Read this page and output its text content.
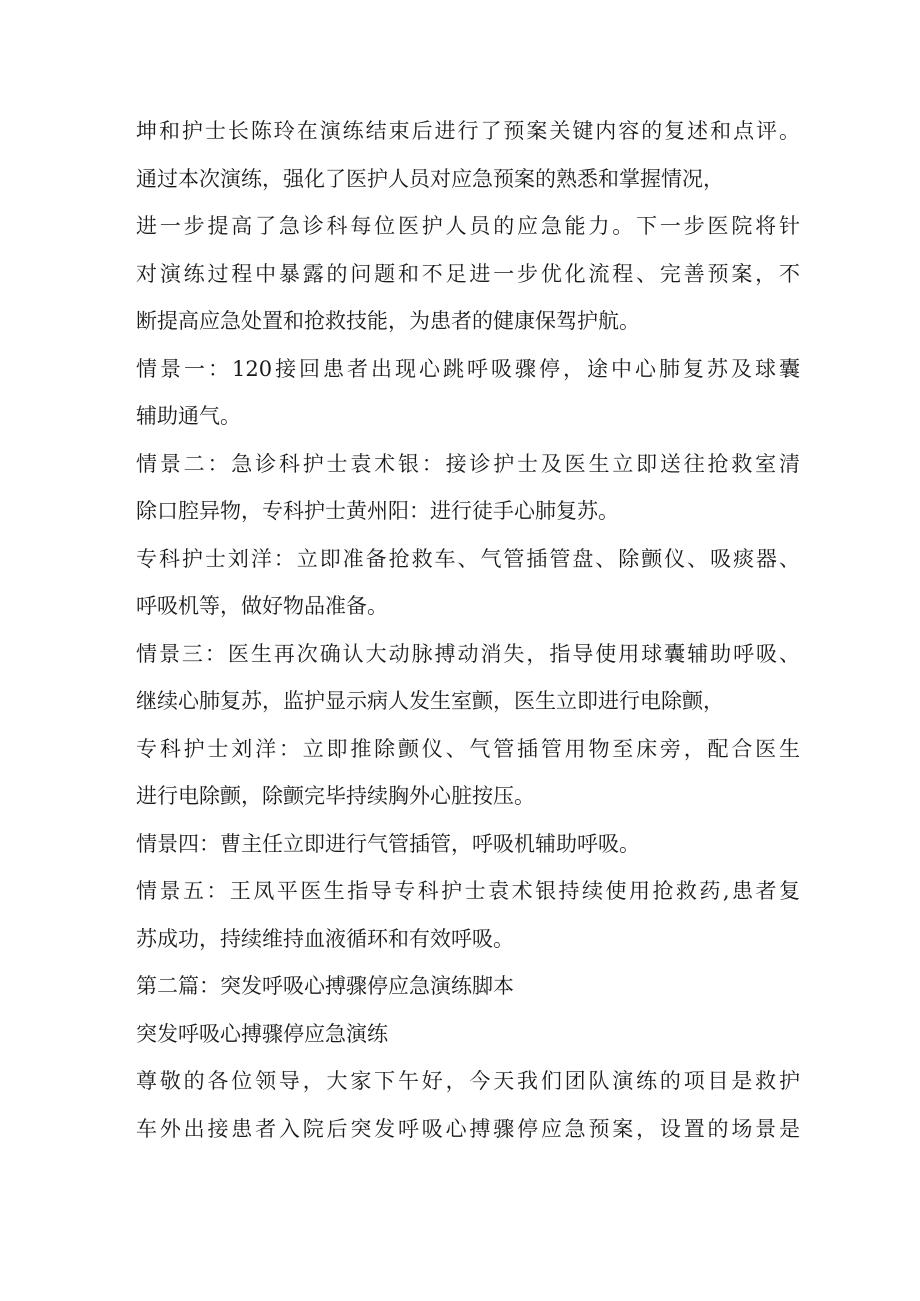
坤和护士长陈玲在演练结束后进行了预案关键内容的复述和点评。
通过本次演练，强化了医护人员对应急预案的熟悉和掌握情况，
进一步提高了急诊科每位医护人员的应急能力。下一步医院将针
对演练过程中暴露的问题和不足进一步优化流程、完善预案，不
断提高应急处置和抢救技能，为患者的健康保驾护航。
情景一：120接回患者出现心跳呼吸骤停，途中心肺复苏及球囊
辅助通气。
情景二：急诊科护士袁术银：接诊护士及医生立即送往抢救室清
除口腔异物，专科护士黄州阳：进行徒手心肺复苏。
专科护士刘洋：立即准备抢救车、气管插管盘、除颤仪、吸痰器、
呼吸机等，做好物品准备。
情景三：医生再次确认大动脉搏动消失，指导使用球囊辅助呼吸、
继续心肺复苏，监护显示病人发生室颤，医生立即进行电除颤，
专科护士刘洋：立即推除颤仪、气管插管用物至床旁，配合医生
进行电除颤，除颤完毕持续胸外心脏按压。
情景四：曹主任立即进行气管插管，呼吸机辅助呼吸。
情景五：王凤平医生指导专科护士袁术银持续使用抢救药,患者复
苏成功，持续维持血液循环和有效呼吸。
第二篇：突发呼吸心搏骤停应急演练脚本
突发呼吸心搏骤停应急演练
尊敬的各位领导，大家下午好，今天我们团队演练的项目是救护
车外出接患者入院后突发呼吸心搏骤停应急预案，设置的场景是
